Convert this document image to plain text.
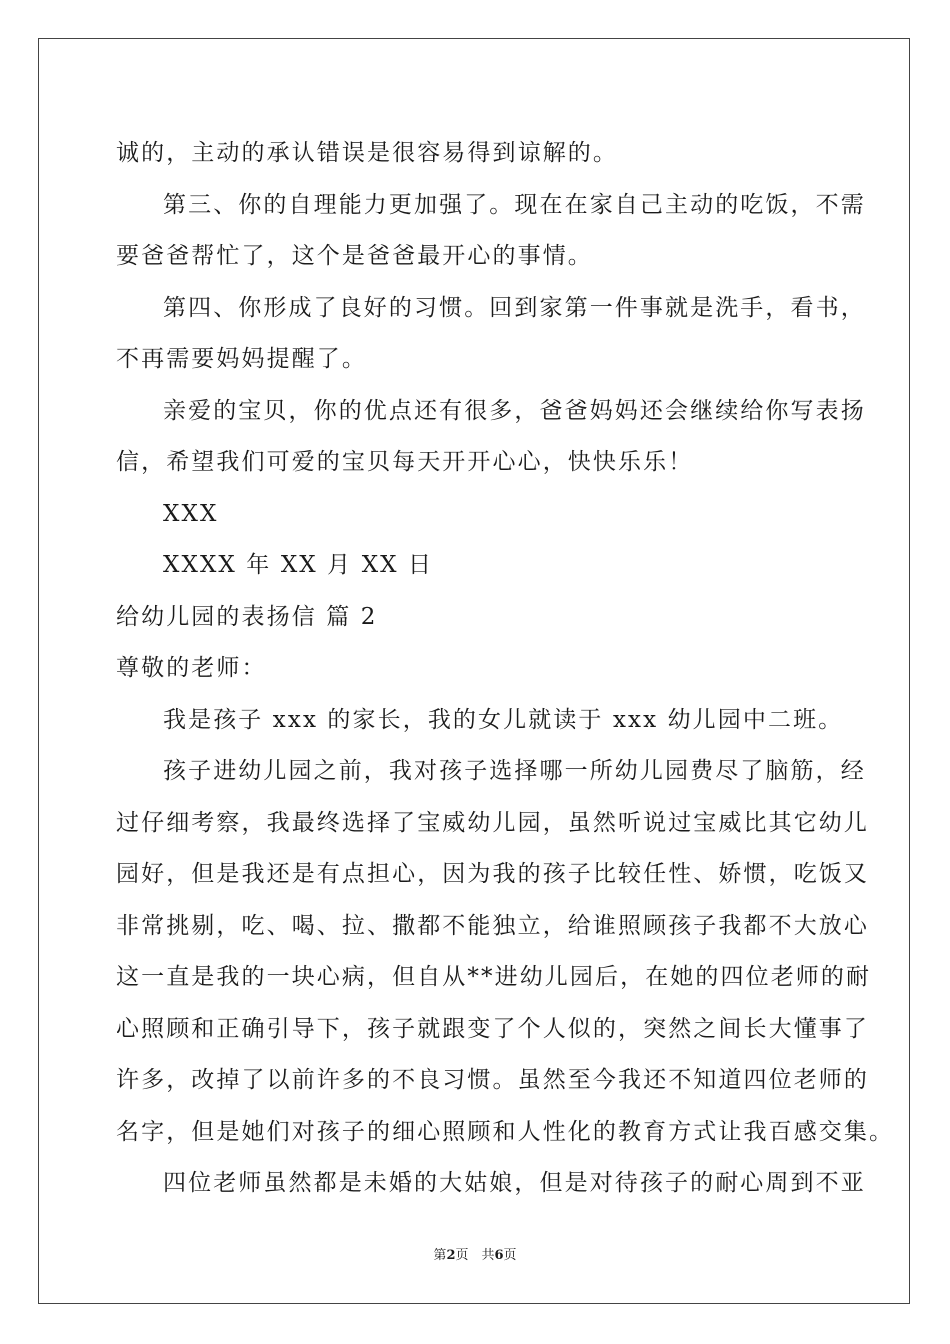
诚的，主动的承认错误是很容易得到谅解的。
第三、你的自理能力更加强了。现在在家自己主动的吃饭，不需
要爸爸帮忙了，这个是爸爸最开心的事情。
第四、你形成了良好的习惯。回到家第一件事就是洗手，看书，
不再需要妈妈提醒了。
亲爱的宝贝，你的优点还有很多，爸爸妈妈还会继续给你写表扬
信，希望我们可爱的宝贝每天开开心心，快快乐乐！
XXX
XXXX 年 XX 月 XX 日
给幼儿园的表扬信 篇 2
尊敬的老师：
我是孩子 xxx 的家长，我的女儿就读于 xxx 幼儿园中二班。
孩子进幼儿园之前，我对孩子选择哪一所幼儿园费尽了脑筋，经
过仔细考察，我最终选择了宝威幼儿园，虽然听说过宝威比其它幼儿
园好，但是我还是有点担心，因为我的孩子比较任性、娇惯，吃饭又
非常挑剔，吃、喝、拉、撒都不能独立，给谁照顾孩子我都不大放心
这一直是我的一块心病，但自从**进幼儿园后，在她的四位老师的耐
心照顾和正确引导下，孩子就跟变了个人似的，突然之间长大懂事了
许多，改掉了以前许多的不良习惯。虽然至今我还不知道四位老师的
名字，但是她们对孩子的细心照顾和人性化的教育方式让我百感交集。
四位老师虽然都是未婚的大姑娘，但是对待孩子的耐心周到不亚
第2页　共6页
